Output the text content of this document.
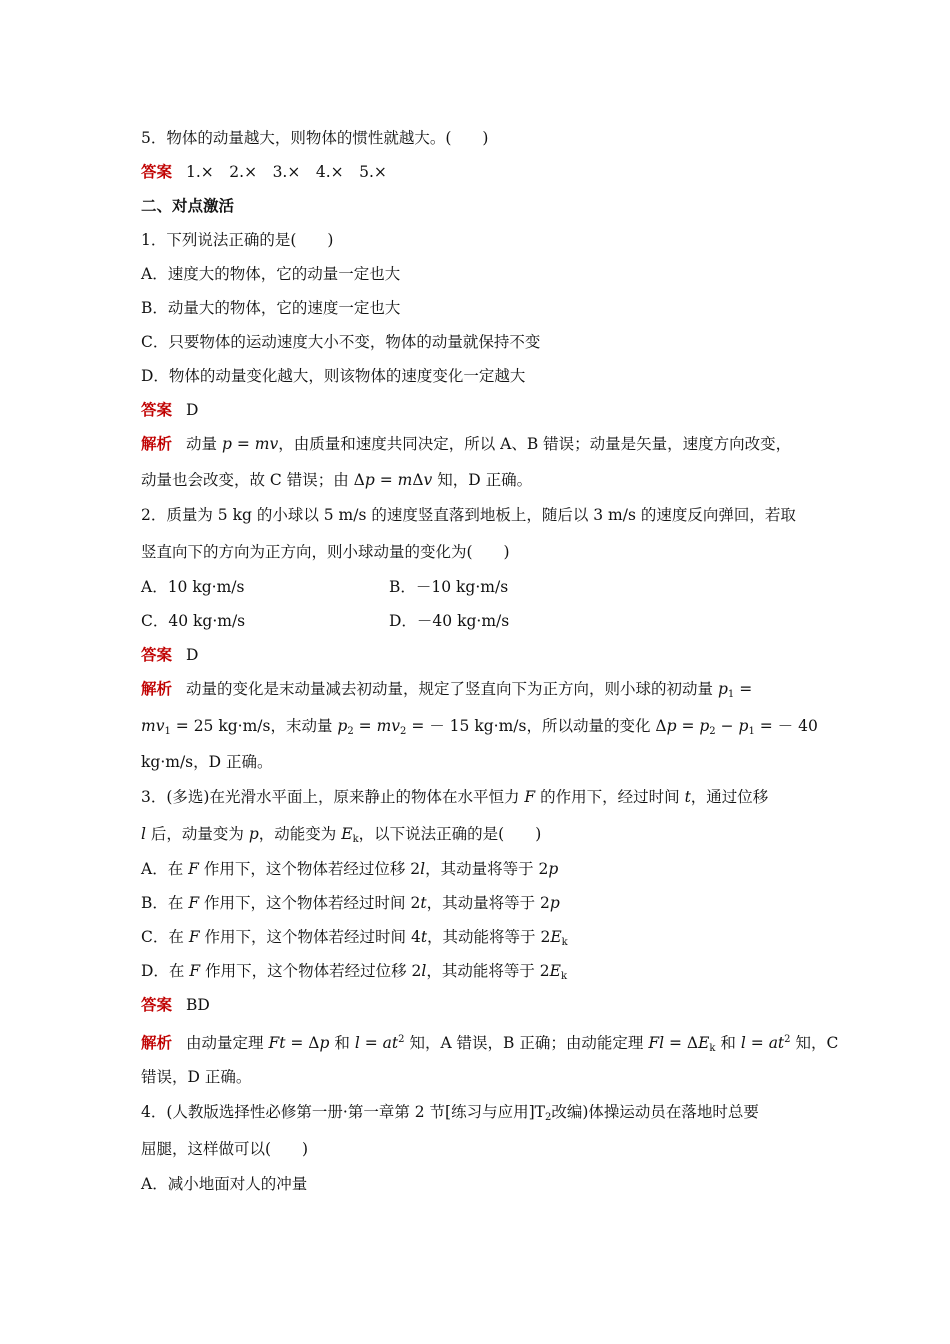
5．物体的动量越大，则物体的惯性就越大。(　　)
答案 1.×　2.×　3.×　4.×　5.×
二、对点激活
1．下列说法正确的是(　　)
A．速度大的物体，它的动量一定也大
B．动量大的物体，它的速度一定也大
C．只要物体的运动速度大小不变，物体的动量就保持不变
D．物体的动量变化越大，则该物体的速度变化一定越大
答案 D
解析 动量 p = mv，由质量和速度共同决定，所以 A、B 错误；动量是矢量，速度方向改变，
动量也会改变，故 C 错误；由 Δp = mΔv 知，D 正确。
2．质量为 5 kg 的小球以 5 m/s 的速度竖直落到地板上，随后以 3 m/s 的速度反向弹回，若取
竖直向下的方向为正方向，则小球动量的变化为(　　)
A．10 kg·m/s	B．－10 kg·m/s
C．40 kg·m/s	D．－40 kg·m/s
答案 D
解析 动量的变化是末动量减去初动量，规定了竖直向下为正方向，则小球的初动量 $p_1$ =
$mv_1 = 25$ kg·m/s，末动量 $p_2 = mv_2$ = － 15 kg·m/s，所以动量的变化 $\Delta p = p_2 - p_1$ = － 40
kg·m/s，D 正确。
3．(多选)在光滑水平面上，原来静止的物体在水平恒力 F 的作用下，经过时间 t，通过位移
l 后，动量变为 p，动能变为 $E_k$，以下说法正确的是(　　)
A．在 F 作用下，这个物体若经过位移 2l，其动量将等于 2p
B．在 F 作用下，这个物体若经过时间 2t，其动量将等于 2p
C．在 F 作用下，这个物体若经过时间 4t，其动能将等于 $2E_k$
D．在 F 作用下，这个物体若经过位移 2l，其动能将等于 $2E_k$
答案 BD
解析 由动量定理 Ft = Δp 和 $l = at^2$ 知，A 错误，B 正确；由动能定理 $Fl = \Delta E_k$ 和 $l = at^2$ 知，C
错误，D 正确。
4．(人教版选择性必修第一册·第一章第 2 节[练习与应用]$T_2$改编)体操运动员在落地时总要
屈腿，这样做可以(　　)
A．减小地面对人的冲量
